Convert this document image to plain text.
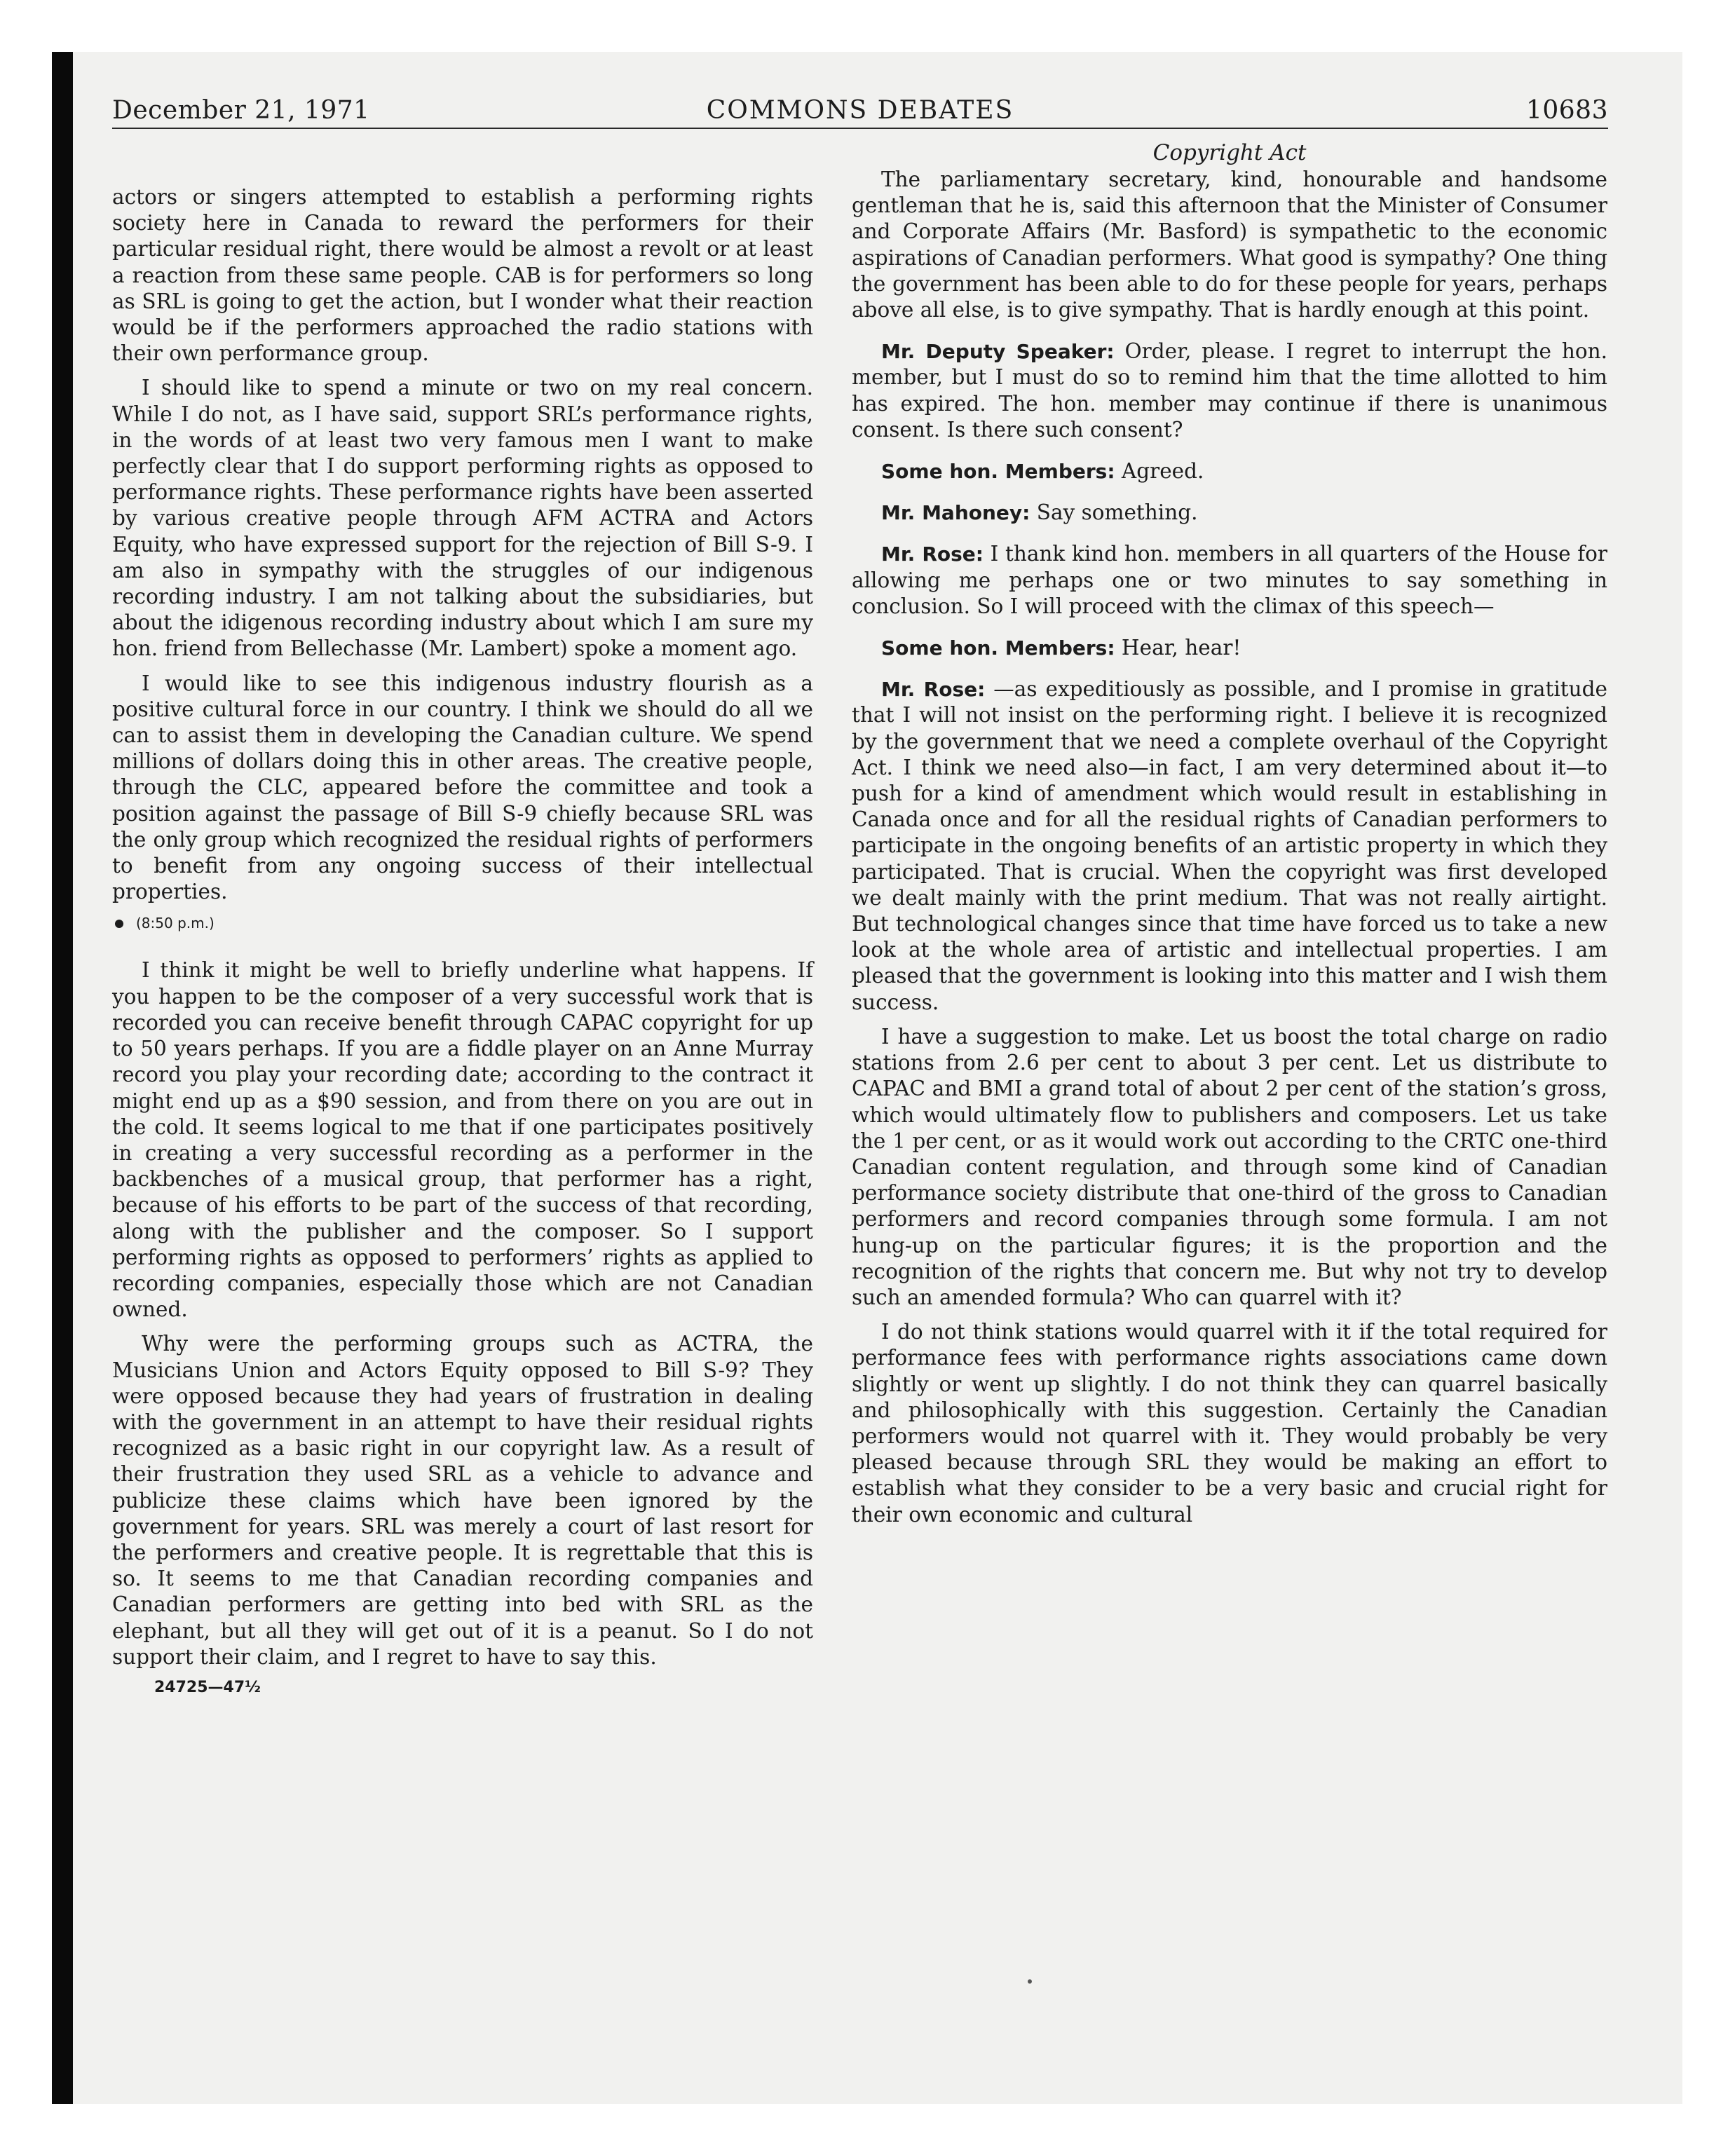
December 21, 1971	COMMONS DEBATES	10683

actors or singers attempted to establish a performing rights society here in Canada to reward the performers for their particular residual right, there would be almost a revolt or at least a reaction from these same people. CAB is for performers so long as SRL is going to get the action, but I wonder what their reaction would be if the performers approached the radio stations with their own performance group.

I should like to spend a minute or two on my real concern. While I do not, as I have said, support SRL’s performance rights, in the words of at least two very famous men I want to make perfectly clear that I do support performing rights as opposed to performance rights. These performance rights have been asserted by various creative people through AFM ACTRA and Actors Equity, who have expressed support for the rejection of Bill S-9. I am also in sympathy with the struggles of our indigenous recording industry. I am not talking about the subsidiaries, but about the idigenous recording industry about which I am sure my hon. friend from Bellechasse (Mr. Lambert) spoke a moment ago.

I would like to see this indigenous industry flourish as a positive cultural force in our country. I think we should do all we can to assist them in developing the Canadian culture. We spend millions of dollars doing this in other areas. The creative people, through the CLC, appeared before the committee and took a position against the passage of Bill S-9 chiefly because SRL was the only group which recognized the residual rights of performers to benefit from any ongoing success of their intellectual properties.

(8:50 p.m.)

I think it might be well to briefly underline what happens. If you happen to be the composer of a very successful work that is recorded you can receive benefit through CAPAC copyright for up to 50 years perhaps. If you are a fiddle player on an Anne Murray record you play your recording date; according to the contract it might end up as a $90 session, and from there on you are out in the cold. It seems logical to me that if one participates positively in creating a very successful recording as a performer in the backbenches of a musical group, that performer has a right, because of his efforts to be part of the success of that recording, along with the publisher and the composer. So I support performing rights as opposed to performers’ rights as applied to recording companies, especially those which are not Canadian owned.

Why were the performing groups such as ACTRA, the Musicians Union and Actors Equity opposed to Bill S-9? They were opposed because they had years of frustration in dealing with the government in an attempt to have their residual rights recognized as a basic right in our copyright law. As a result of their frustration they used SRL as a vehicle to advance and publicize these claims which have been ignored by the government for years. SRL was merely a court of last resort for the performers and creative people. It is regrettable that this is so. It seems to me that Canadian recording companies and Canadian performers are getting into bed with SRL as the elephant, but all they will get out of it is a peanut. So I do not support their claim, and I regret to have to say this.

24725—47½
Copyright Act

The parliamentary secretary, kind, honourable and handsome gentleman that he is, said this afternoon that the Minister of Consumer and Corporate Affairs (Mr. Basford) is sympathetic to the economic aspirations of Canadian performers. What good is sympathy? One thing the government has been able to do for these people for years, perhaps above all else, is to give sympathy. That is hardly enough at this point.

Mr. Deputy Speaker: Order, please. I regret to interrupt the hon. member, but I must do so to remind him that the time allotted to him has expired. The hon. member may continue if there is unanimous consent. Is there such consent?

Some hon. Members: Agreed.

Mr. Mahoney: Say something.

Mr. Rose: I thank kind hon. members in all quarters of the House for allowing me perhaps one or two minutes to say something in conclusion. So I will proceed with the climax of this speech—

Some hon. Members: Hear, hear!

Mr. Rose: —as expeditiously as possible, and I promise in gratitude that I will not insist on the performing right. I believe it is recognized by the government that we need a complete overhaul of the Copyright Act. I think we need also—in fact, I am very determined about it—to push for a kind of amendment which would result in establishing in Canada once and for all the residual rights of Canadian performers to participate in the ongoing benefits of an artistic property in which they participated. That is crucial. When the copyright was first developed we dealt mainly with the print medium. That was not really airtight. But technological changes since that time have forced us to take a new look at the whole area of artistic and intellectual properties. I am pleased that the government is looking into this matter and I wish them success.

I have a suggestion to make. Let us boost the total charge on radio stations from 2.6 per cent to about 3 per cent. Let us distribute to CAPAC and BMI a grand total of about 2 per cent of the station’s gross, which would ultimately flow to publishers and composers. Let us take the 1 per cent, or as it would work out according to the CRTC one-third Canadian content regulation, and through some kind of Canadian performance society distribute that one-third of the gross to Canadian performers and record companies through some formula. I am not hung-up on the particular figures; it is the proportion and the recognition of the rights that concern me. But why not try to develop such an amended formula? Who can quarrel with it?

I do not think stations would quarrel with it if the total required for performance fees with performance rights associations came down slightly or went up slightly. I do not think they can quarrel basically and philosophically with this suggestion. Certainly the Canadian performers would not quarrel with it. They would probably be very pleased because through SRL they would be making an effort to establish what they consider to be a very basic and crucial right for their own economic and cultural
